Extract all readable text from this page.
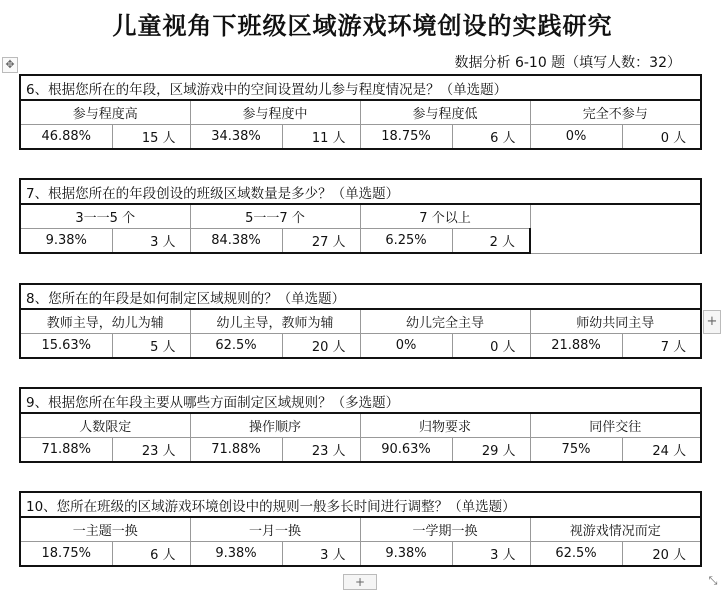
儿童视角下班级区域游戏环境创设的实践研究
数据分析 6-10 题（填写人数：32）
✥
+
+	⤡
6、根据您所在的年段，区域游戏中的空间设置幼儿参与程度情况是？（单选题）							
参与程度高		参与程度中		参与程度低		完全不参与	
46.88%	15 人	34.38%	11 人	18.75%	6 人	0%	0 人
7、根据您所在的年段创设的班级区域数量是多少？（单选题）						
3一一5 个		5一一7 个		7 个以上		
9.38%	3 人	84.38%	27 人	6.25%	2 人	
8、您所在的年段是如何制定区域规则的？（单选题）							
教师主导，幼儿为辅		幼儿主导，教师为辅		幼儿完全主导		师幼共同主导	
15.63%	5 人	62.5%	20 人	0%	0 人	21.88%	7 人
9、根据您所在年段主要从哪些方面制定区域规则？（多选题）							
人数限定		操作顺序		归物要求		同伴交往	
71.88%	23 人	71.88%	23 人	90.63%	29 人	75%	24 人
10、您所在班级的区域游戏环境创设中的规则一般多长时间进行调整？（单选题）							
一主题一换		一月一换		一学期一换		视游戏情况而定	
18.75%	6 人	9.38%	3 人	9.38%	3 人	62.5%	20 人
